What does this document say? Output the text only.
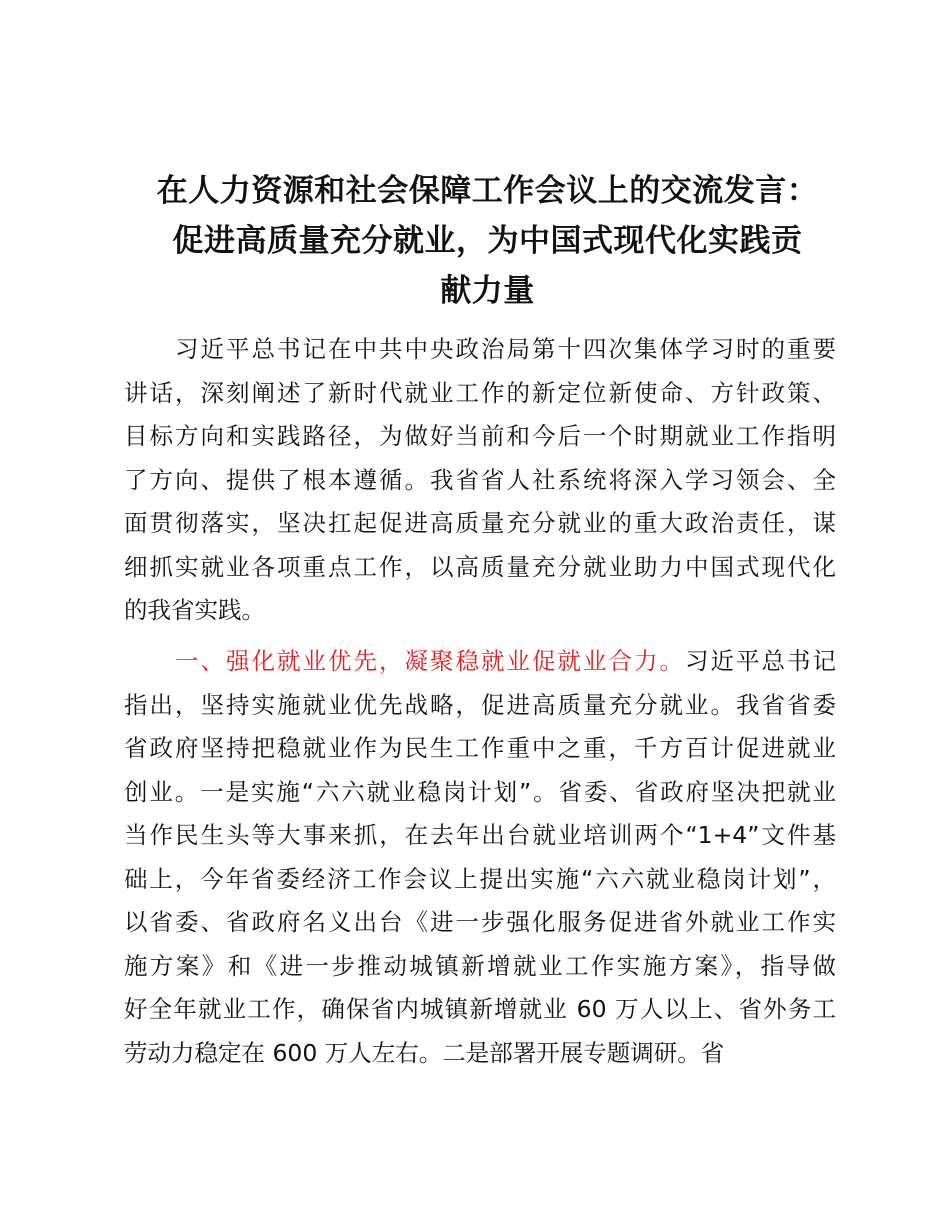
在人力资源和社会保障工作会议上的交流发言：
促进高质量充分就业，为中国式现代化实践贡
献力量
　　习近平总书记在中共中央政治局第十四次集体学习时的重要
讲话，深刻阐述了新时代就业工作的新定位新使命、方针政策、
目标方向和实践路径，为做好当前和今后一个时期就业工作指明
了方向、提供了根本遵循。我省省人社系统将深入学习领会、全
面贯彻落实，坚决扛起促进高质量充分就业的重大政治责任，谋
细抓实就业各项重点工作，以高质量充分就业助力中国式现代化
的我省实践。
　　一、强化就业优先，凝聚稳就业促就业合力。习近平总书记
指出，坚持实施就业优先战略，促进高质量充分就业。我省省委
省政府坚持把稳就业作为民生工作重中之重，千方百计促进就业
创业。一是实施“六六就业稳岗计划”。省委、省政府坚决把就业
当作民生头等大事来抓，在去年出台就业培训两个“1+4”文件基
础上，今年省委经济工作会议上提出实施“六六就业稳岗计划”，
以省委、省政府名义出台《进一步强化服务促进省外就业工作实
施方案》和《进一步推动城镇新增就业工作实施方案》，指导做
好全年就业工作，确保省内城镇新增就业 60 万人以上、省外务工
劳动力稳定在 600 万人左右。二是部署开展专题调研。省
